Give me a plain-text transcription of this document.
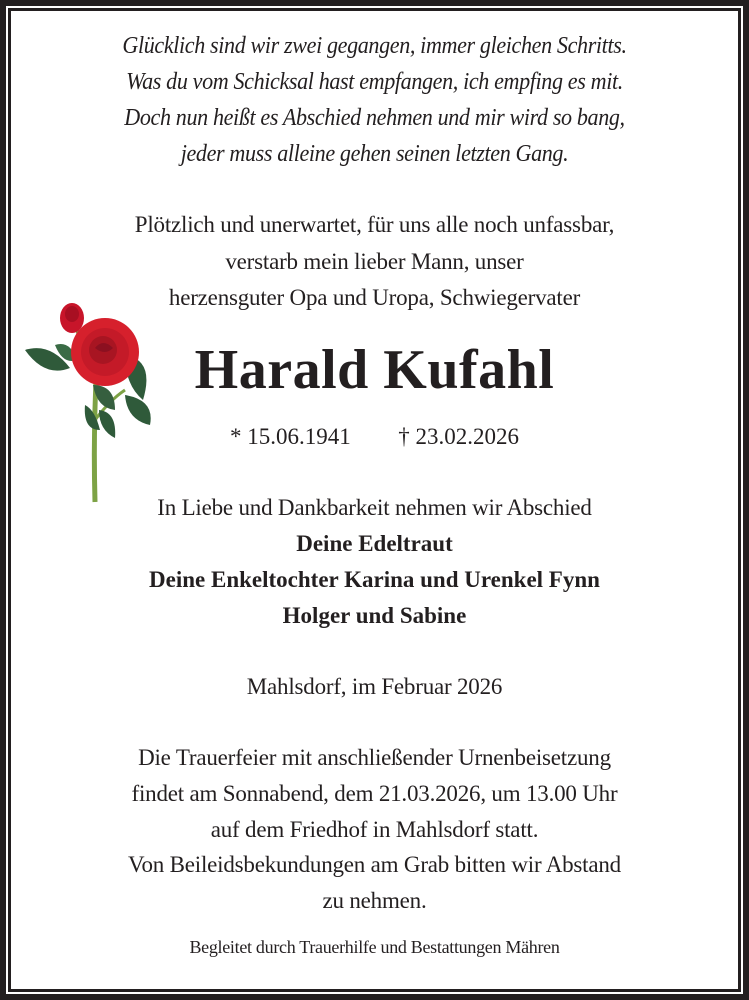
Glücklich sind wir zwei gegangen, immer gleichen Schritts.
Was du vom Schicksal hast empfangen, ich empfing es mit.
Doch nun heißt es Abschied nehmen und mir wird so bang,
jeder muss alleine gehen seinen letzten Gang.
Plötzlich und unerwartet, für uns alle noch unfassbar,
verstarb mein lieber Mann, unser
herzensguter Opa und Uropa, Schwiegervater
Harald Kufahl
* 15.06.1941 † 23.02.2026
In Liebe und Dankbarkeit nehmen wir Abschied
Deine Edeltraut
Deine Enkeltochter Karina und Urenkel Fynn
Holger und Sabine
Mahlsdorf, im Februar 2026
Die Trauerfeier mit anschließender Urnenbeisetzung
findet am Sonnabend, dem 21.03.2026, um 13.00 Uhr
auf dem Friedhof in Mahlsdorf statt.
Von Beileidsbekundungen am Grab bitten wir Abstand
zu nehmen.
Begleitet durch Trauerhilfe und Bestattungen Mähren
